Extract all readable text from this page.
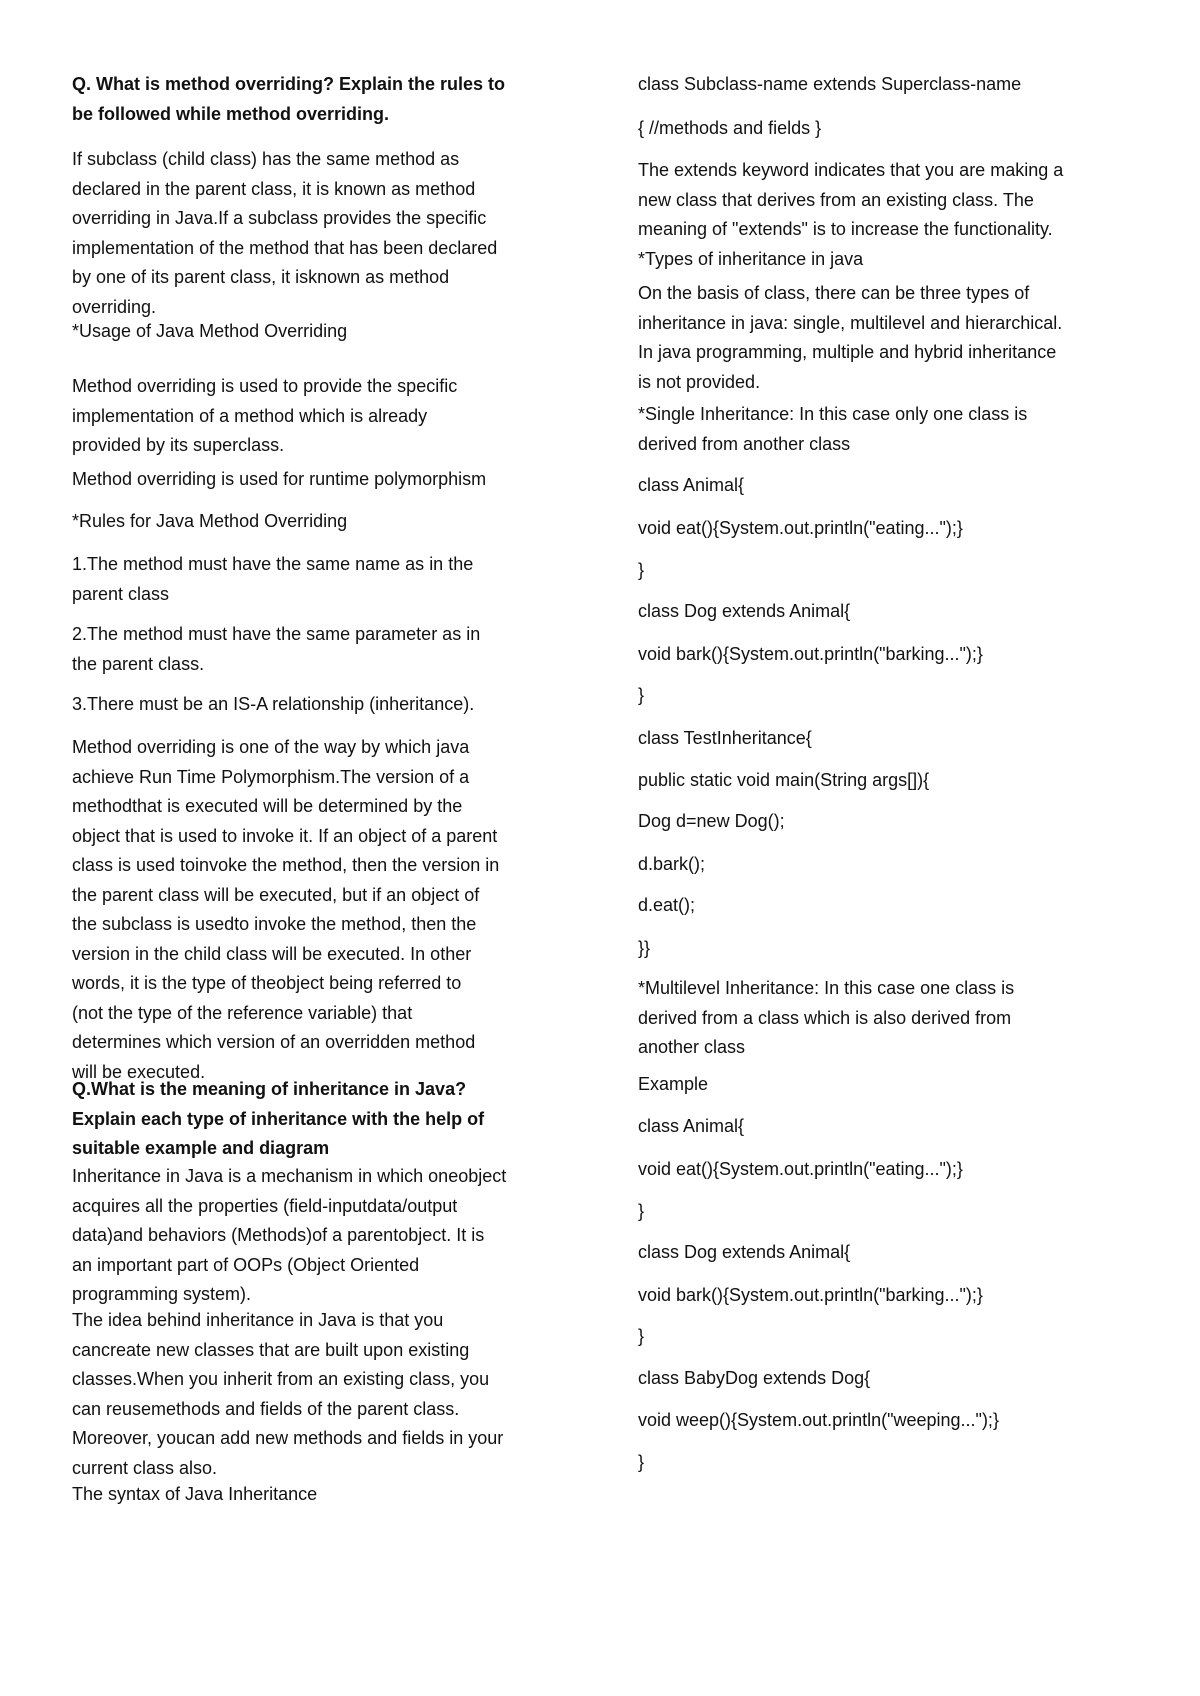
Q. What is method overriding? Explain the rules to
be followed while method overriding.
If subclass (child class) has the same method as
declared in the parent class, it is known as method
overriding in Java.If a subclass provides the specific
implementation of the method that has been declared
by one of its parent class, it isknown as method
overriding.
*Usage of Java Method Overriding
Method overriding is used to provide the specific
implementation of a method which is already
provided by its superclass.
Method overriding is used for runtime polymorphism
*Rules for Java Method Overriding
1.The method must have the same name as in the
parent class
2.The method must have the same parameter as in
the parent class.
3.There must be an IS-A relationship (inheritance).
Method overriding is one of the way by which java
achieve Run Time Polymorphism.The version of a
methodthat is executed will be determined by the
object that is used to invoke it. If an object of a parent
class is used toinvoke the method, then the version in
the parent class will be executed, but if an object of
the subclass is usedto invoke the method, then the
version in the child class will be executed. In other
words, it is the type of theobject being referred to
(not the type of the reference variable) that
determines which version of an overridden method
will be executed.
Q.What is the meaning of inheritance in Java?
Explain each type of inheritance with the help of
suitable example and diagram
Inheritance in Java is a mechanism in which oneobject
acquires all the properties (field-inputdata/output
data)and behaviors (Methods)of a parentobject. It is
an important part of OOPs (Object Oriented
programming system).
The idea behind inheritance in Java is that you
cancreate new classes that are built upon existing
classes.When you inherit from an existing class, you
can reusemethods and fields of the parent class.
Moreover, youcan add new methods and fields in your
current class also.
The syntax of Java Inheritance
class Subclass-name extends Superclass-name
{ //methods and fields }
The extends keyword indicates that you are making a
new class that derives from an existing class. The
meaning of "extends" is to increase the functionality.
*Types of inheritance in java
On the basis of class, there can be three types of
inheritance in java: single, multilevel and hierarchical.
In java programming, multiple and hybrid inheritance
is not provided.
*Single Inheritance: In this case only one class is
derived from another class
class Animal{
void eat(){System.out.println("eating...");}
}
class Dog extends Animal{
void bark(){System.out.println("barking...");}
}
class TestInheritance{
public static void main(String args[]){
Dog d=new Dog();
d.bark();
d.eat();
}}
*Multilevel Inheritance: In this case one class is
derived from a class which is also derived from
another class
Example
class Animal{
void eat(){System.out.println("eating...");}
}
class Dog extends Animal{
void bark(){System.out.println("barking...");}
}
class BabyDog extends Dog{
void weep(){System.out.println("weeping...");}
}
